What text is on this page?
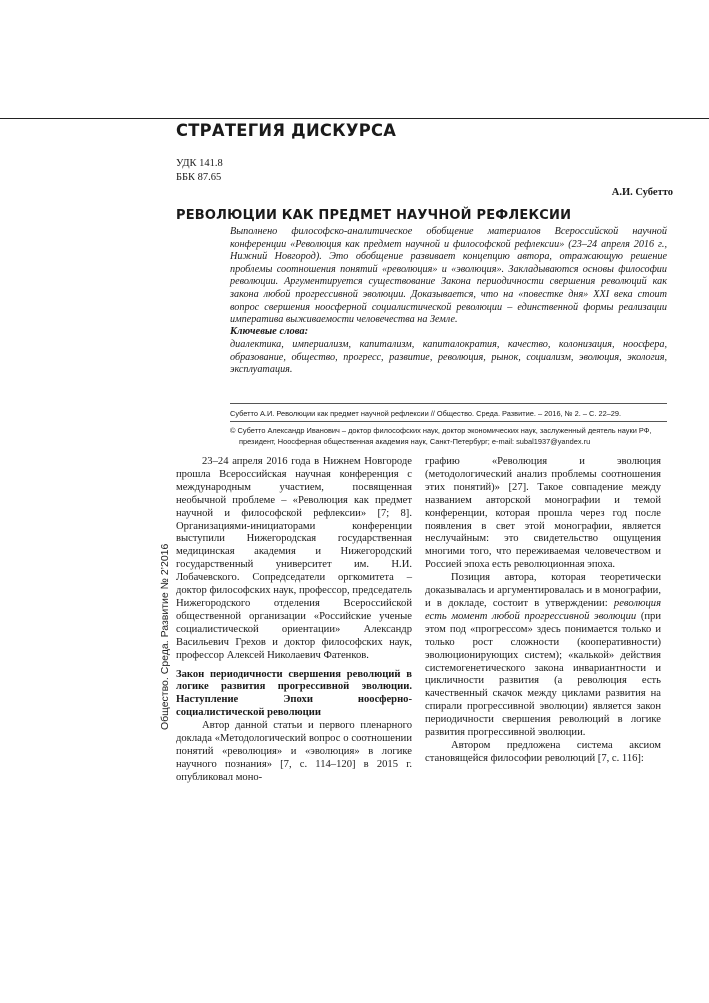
СТРАТЕГИЯ ДИСКУРСА
УДК 141.8
ББК 87.65
А.И. Субетто
РЕВОЛЮЦИИ КАК ПРЕДМЕТ НАУЧНОЙ РЕФЛЕКСИИ
Выполнено философско-аналитическое обобщение материалов Всероссийской научной конференции «Революция как предмет научной и философской рефлексии» (23–24 апреля 2016 г., Нижний Новгород). Это обобщение развивает концепцию автора, отражающую решение проблемы соотношения понятий «революция» и «эволюция». Закладываются основы философии революции. Аргументируется существование Закона периодичности свершения революций как закона любой прогрессивной эволюции. Доказывается, что на «повестке дня» XXI века стоит вопрос свершения ноосферной социалистической революции – единственной формы реализации императива выживаемости человечества на Земле.
Ключевые слова:
диалектика, империализм, капитализм, капиталократия, качество, колонизация, ноосфера, образование, общество, прогресс, развитие, революция, рынок, социализм, эволюция, экология, эксплуатация.
Субетто А.И. Революции как предмет научной рефлексии // Общество. Среда. Развитие. – 2016, № 2. – С. 22–29.
© Субетто Александр Иванович – доктор философских наук, доктор экономических наук, заслуженный деятель науки РФ,
президент, Ноосферная общественная академия наук, Санкт-Петербург; e-mail: subal1937@yandex.ru
Общество. Среда. Развитие № 2’2016

23–24 апреля 2016 года в Нижнем Новгороде прошла Всероссийская научная конференция с международным участием, посвященная необычной проблеме – «Революция как предмет научной и философской рефлексии» [7; 8]. Организациями-инициаторами конференции выступили Нижегородская государственная медицинская академия и Нижегородский государственный университет им. Н.И. Лобачевского. Сопредседатели оргкомитета – доктор философских наук, профессор, председатель Нижегородского отделения Всероссийской общественной организации «Российские ученые социалистической ориентации» Александр Васильевич Грехов и доктор философских наук, профессор Алексей Николаевич Фатенков.

Закон периодичности свершения революций в логике развития прогрессивной эволюции. Наступление Эпохи ноосферно-социалистической революции

Автор данной статьи и первого пленарного доклада «Методологический вопрос о соотношении понятий «революция» и «эволюция» в логике научного познания» [7, с. 114–120] в 2015 г. опубликовал моно-

графию «Революция и эволюция (методологический анализ проблемы соотношения этих понятий)» [27]. Такое совпадение между названием авторской монографии и темой конференции, которая прошла через год после появления в свет этой монографии, является неслучайным: это свидетельство ощущения многими того, что переживаемая человечеством и Россией эпоха есть революционная эпоха.

Позиция автора, которая теоретически доказывалась и аргументировалась и в монографии, и в докладе, состоит в утверждении: революция есть момент любой прогрессивной эволюции (при этом под «прогрессом» здесь понимается только и только рост сложности (кооперативности) эволюционирующих систем); «калькой» действия системогенетического закона инвариантности и цикличности развития (а революция есть качественный скачок между циклами развития на спирали прогрессивной эволюции) является закон периодичности свершения революций в логике развития прогрессивной эволюции.

Автором предложена система аксиом становящейся философии революций [7, с. 116]:
